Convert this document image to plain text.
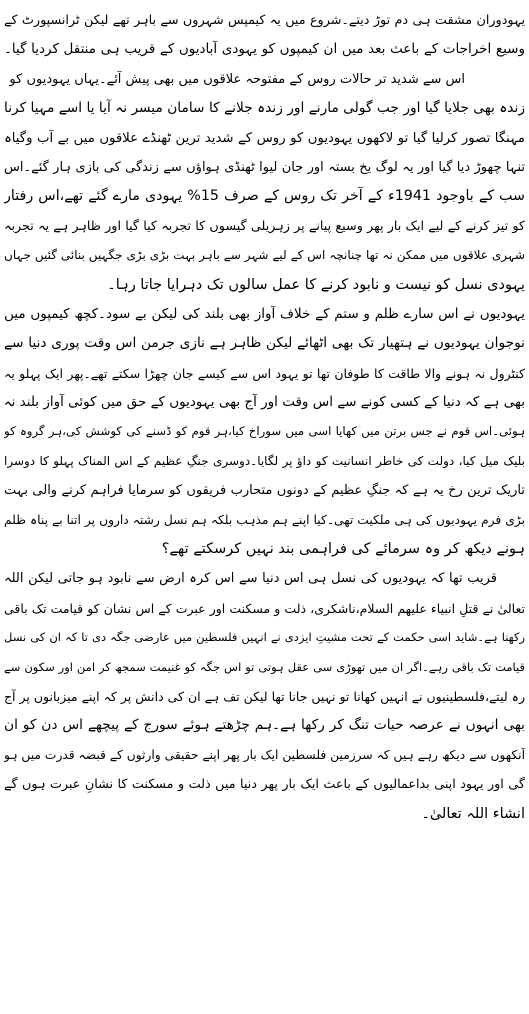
یہودوران مشقت ہی دم توڑ دیتے۔شروع میں یہ کیمپس شہروں سے باہر تھے لیکن ٹرانسپورٹ کے
وسیع اخراجات کے باعث بعد میں ان کیمپوں کو یہودی آبادیوں کے قریب ہی منتقل کردیا گیا۔
اس سے شدید تر حالات روس کے مفتوحہ علاقوں میں بھی پیش آئے۔یہاں یہودیوں کو
زندہ بھی جلایا گیا اور جب گولی مارنے اور زندہ جلانے کا سامان میسر نہ آیا یا اسے مہیا کرنا
مہنگا تصور کرلیا گیا تو لاکھوں یہودیوں کو روس کے شدید ترین ٹھنڈے علاقوں میں بے آب وگیاہ
تنہا چھوڑ دیا گیا اور یہ لوگ یخ بستہ اور جان لیوا ٹھنڈی ہواؤں سے زندگی کی بازی ہار گئے۔اس
سب کے باوجود 1941ء کے آخر تک روس کے صرف 15% یہودی مارے گئے تھے،اس رفتار
کو تیز کرنے کے لیے ایک بار پھر وسیع پیانے پر زہریلی گیسوں کا تجربہ کیا گیا اور ظاہر ہے یہ تجربہ
شہری علاقوں میں ممکن نہ تھا چنانچہ اس کے لیے شہر سے باہر بہت بڑی بڑی جگہیں بنائی گئیں جہاں
یہودی نسل کو نیست و نابود کرنے کا عمل سالوں تک دہرایا جاتا رہا۔
یہودیوں نے اس سارے ظلم و ستم کے خلاف آواز بھی بلند کی لیکن بے سود۔کچھ کیمپوں میں
نوجوان یہودیوں نے ہتھیار تک بھی اٹھائے لیکن ظاہر ہے نازی جرمن اس وقت پوری دنیا سے
کنٹرول نہ ہونے والا طاقت کا طوفان تھا تو یہود اس سے کیسے جان چھڑا سکتے تھے۔پھر ایک پہلو یہ
بھی ہے کہ دنیا کے کسی کونے سے اس وقت اور آج بھی یہودیوں کے حق میں کوئی آواز بلند نہ
ہوئی۔اس قوم نے جس برتن میں کھایا اسی میں سوراخ کیا،ہر قوم کو ڈسنے کی کوشش کی،ہر گروہ کو
بلیک میل کیا، دولت کی خاطر انسانیت کو داؤ پر لگایا۔دوسری جنگِ عظیم کے اس المناک پہلو کا دوسرا
تاریک ترین رخ یہ ہے کہ جنگِ عظیم کے دونوں متحارب فریقوں کو سرمایا فراہم کرنے والی بہت
بڑی فرم یہودیوں کی ہی ملکیت تھی۔کیا اپنے ہم مذہب بلکہ ہم نسل رشتہ داروں پر اتنا بے پناہ ظلم
ہونے دیکھ کر وہ سرمائے کی فراہمی بند نہیں کرسکتے تھے؟
قریب تھا کہ یہودیوں کی نسل ہی اس دنیا سے اس کرہ ارض سے نابود ہو جاتی لیکن اللہ
تعالیٰ نے قتلِ انبیاء علیھم السلام،ناشکری، ذلت و مسکنت اور عبرت کے اس نشان کو قیامت تک باقی
رکھنا ہے۔شاید اسی حکمت کے تحت مشیتِ ایزدی نے انہیں فلسطین میں عارضی جگہ دی تا کہ ان کی نسل
قیامت تک باقی رہے۔اگر ان میں تھوڑی سی عقل ہوتی تو اس جگہ کو غنیمت سمجھ کر امن اور سکون سے
رہ لیتے،فلسطینیوں نے انہیں کھانا تو نہیں جانا تھا لیکن تف ہے ان کی دانش پر کہ اپنے میزبانوں پر آج
بھی انہوں نے عرصہ حیات تنگ کر رکھا ہے۔ہم چڑھتے ہوئے سورج کے پیچھے اس دن کو ان
آنکھوں سے دیکھ رہے ہیں کہ سرزمین فلسطین ایک بار پھر اپنے حقیقی وارثوں کے قبضہ قدرت میں ہو
گی اور یہود اپنی بداعمالیوں کے باعث ایک بار پھر دنیا میں ذلت و مسکنت کا نشانِ عبرت ہوں گے
انشاء اللہ تعالیٰ۔
